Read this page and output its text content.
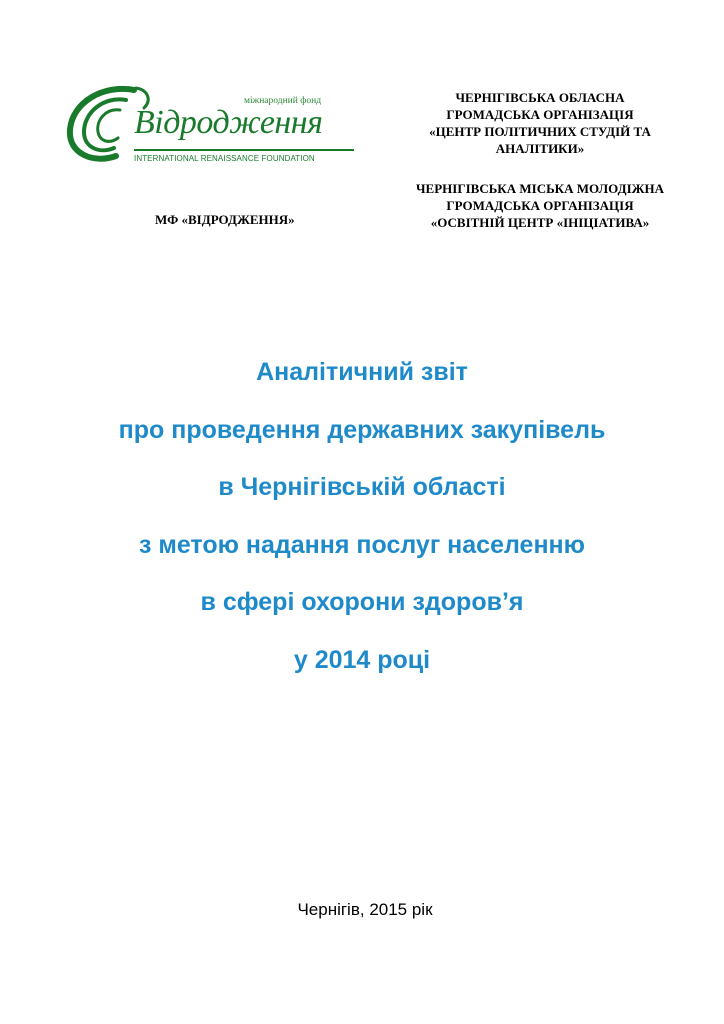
міжнародний фонд
Відродження
INTERNATIONAL RENAISSANCE FOUNDATION
МФ «ВІДРОДЖЕННЯ»
ЧЕРНІГІВСЬКА ОБЛАСНА
ГРОМАДСЬКА ОРГАНІЗАЦІЯ
«ЦЕНТР ПОЛІТИЧНИХ СТУДІЙ ТА
АНАЛІТИКИ»
ЧЕРНІГІВСЬКА МІСЬКА МОЛОДІЖНА
ГРОМАДСЬКА ОРГАНІЗАЦІЯ
«ОСВІТНІЙ ЦЕНТР «ІНІЦІАТИВА»
Аналітичний звіт
про проведення державних закупівель
в Чернігівській області
з метою надання послуг населенню
в сфері охорони здоров’я
у 2014 році
Чернігів, 2015 рік
